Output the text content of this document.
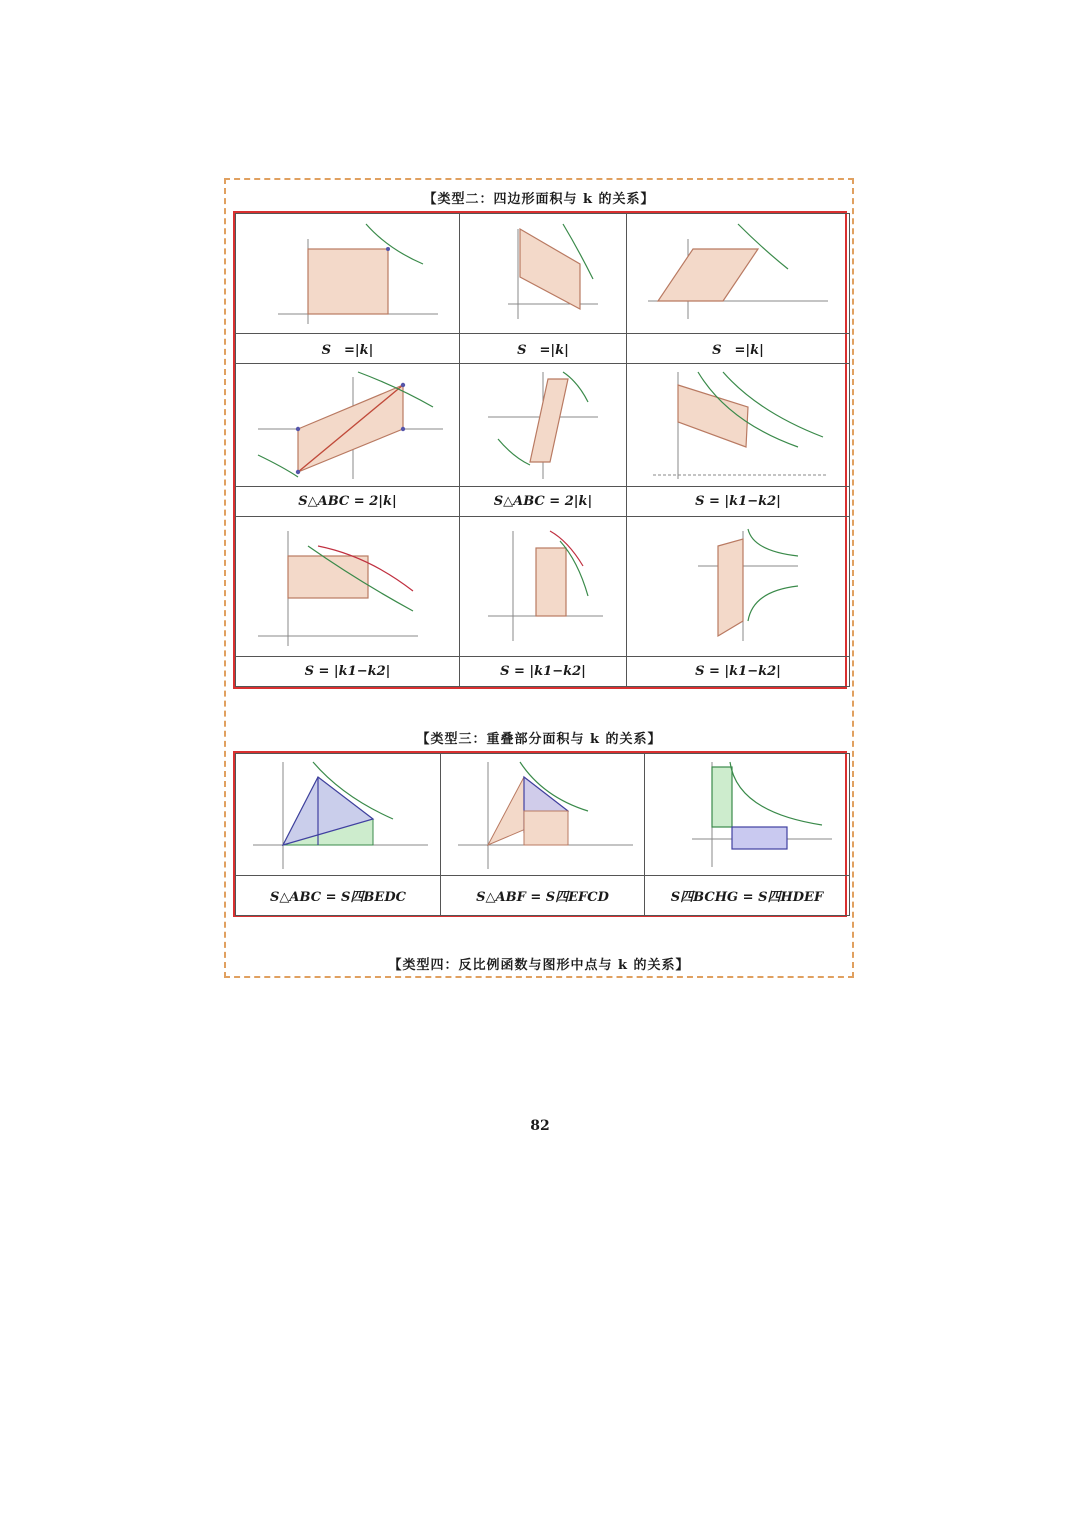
【类型二：四边形面积与 k 的关系】

S　=|k|	S　=|k|	S　=|k|

S△ABC = 2|k|	S△ABC = 2|k|	S = |k1−k2|

S = |k1−k2|	S = |k1−k2|	S = |k1−k2|
【类型三：重叠部分面积与 k 的关系】

S△ABC = S四BEDC	S△ABF = S四EFCD	S四BCHG = S四HDEF
【类型四：反比例函数与图形中点与 k 的关系】
82
